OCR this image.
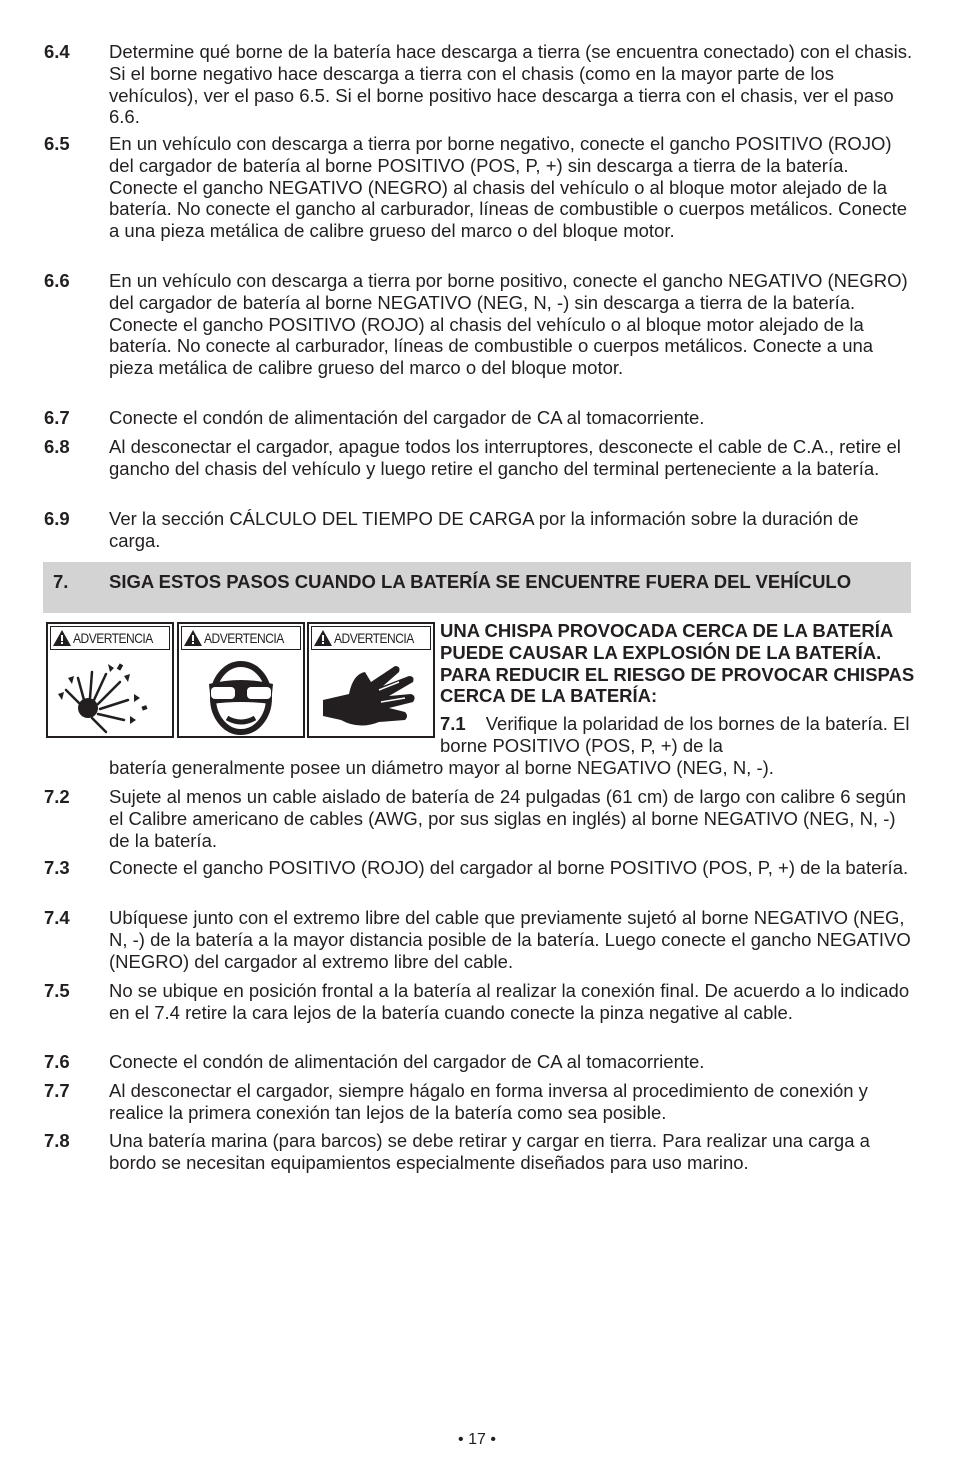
6.4 Determine qué borne de la batería hace descarga a tierra (se encuentra conectado) con el chasis. Si el borne negativo hace descarga a tierra con el chasis (como en la mayor parte de los vehículos), ver el paso 6.5. Si el borne positivo hace descarga a tierra con el chasis, ver el paso 6.6.
6.5 En un vehículo con descarga a tierra por borne negativo, conecte el gancho POSITIVO (ROJO) del cargador de batería al borne POSITIVO (POS, P, +) sin descarga a tierra de la batería. Conecte el gancho NEGATIVO (NEGRO) al chasis del vehículo o al bloque motor alejado de la batería. No conecte el gancho al carburador, líneas de combustible o cuerpos metálicos. Conecte a una pieza metálica de calibre grueso del marco o del bloque motor.
6.6 En un vehículo con descarga a tierra por borne positivo, conecte el gancho NEGATIVO (NEGRO) del cargador de batería al borne NEGATIVO (NEG, N, -) sin descarga a tierra de la batería. Conecte el gancho POSITIVO (ROJO) al chasis del vehículo o al bloque motor alejado de la batería. No conecte al carburador, líneas de combustible o cuerpos metálicos. Conecte a una pieza metálica de calibre grueso del marco o del bloque motor.
6.7 Conecte el condón de alimentación del cargador de CA al tomacorriente.
6.8 Al desconectar el cargador, apague todos los interruptores, desconecte el cable de C.A., retire el gancho del chasis del vehículo y luego retire el gancho del terminal perteneciente a la batería.
6.9 Ver la sección CÁLCULO DEL TIEMPO DE CARGA por la información sobre la duración de carga.
7. SIGA ESTOS PASOS CUANDO LA BATERÍA SE ENCUENTRE FUERA DEL VEHÍCULO
ADVERTENCIA	ADVERTENCIA	ADVERTENCIA UNA CHISPA PROVOCADA CERCA DE LA BATERÍA PUEDE CAUSAR LA EXPLOSIÓN DE LA BATERÍA. PARA REDUCIR EL RIESGO DE PROVOCAR CHISPAS CERCA DE LA BATERÍA:
7.1 Verifique la polaridad de los bornes de la batería. El borne POSITIVO (POS, P, +) de la
batería generalmente posee un diámetro mayor al borne NEGATIVO (NEG, N, -).
7.2 Sujete al menos un cable aislado de batería de 24 pulgadas (61 cm) de largo con calibre 6 según el Calibre americano de cables (AWG, por sus siglas en inglés) al borne NEGATIVO (NEG, N, -) de la batería.
7.3 Conecte el gancho POSITIVO (ROJO) del cargador al borne POSITIVO (POS, P, +) de la batería.
7.4 Ubíquese junto con el extremo libre del cable que previamente sujetó al borne NEGATIVO (NEG, N, -) de la batería a la mayor distancia posible de la batería. Luego conecte el gancho NEGATIVO (NEGRO) del cargador al extremo libre del cable.
7.5 No se ubique en posición frontal a la batería al realizar la conexión final. De acuerdo a lo indicado en el 7.4 retire la cara lejos de la batería cuando conecte la pinza negative al cable.
7.6 Conecte el condón de alimentación del cargador de CA al tomacorriente.
7.7 Al desconectar el cargador, siempre hágalo en forma inversa al procedimiento de conexión y realice la primera conexión tan lejos de la batería como sea posible.
7.8 Una batería marina (para barcos) se debe retirar y cargar en tierra. Para realizar una carga a bordo se necesitan equipamientos especialmente diseñados para uso marino.
• 17 •
